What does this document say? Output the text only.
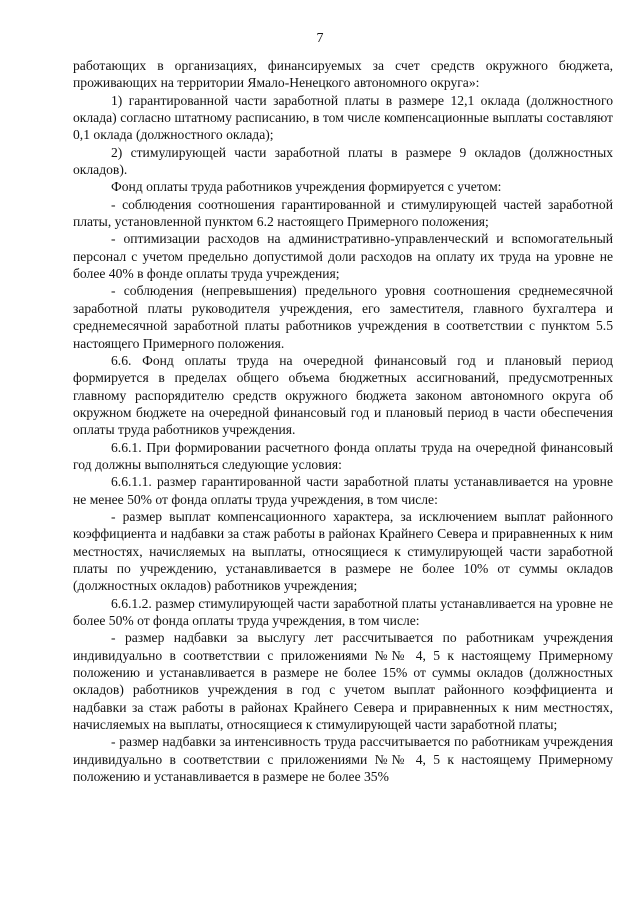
7

работающих в организациях, финансируемых за счет средств окружного бюджета, проживающих на территории Ямало-Ненецкого автономного округа»:

1) гарантированной части заработной платы в размере 12,1 оклада (должностного оклада) согласно штатному расписанию, в том числе компенсационные выплаты составляют 0,1 оклада (должностного оклада);

2) стимулирующей части заработной платы в размере 9 окладов (должностных окладов).

Фонд оплаты труда работников учреждения формируется с учетом:

- соблюдения соотношения гарантированной и стимулирующей частей заработной платы, установленной пунктом 6.2 настоящего Примерного положения;

- оптимизации расходов на административно-управленческий и вспомогательный персонал с учетом предельно допустимой доли расходов на оплату их труда на уровне не более 40% в фонде оплаты труда учреждения;

- соблюдения (непревышения) предельного уровня соотношения среднемесячной заработной платы руководителя учреждения, его заместителя, главного бухгалтера и среднемесячной заработной платы работников учреждения в соответствии с пунктом 5.5 настоящего Примерного положения.

6.6. Фонд оплаты труда на очередной финансовый год и плановый период формируется в пределах общего объема бюджетных ассигнований, предусмотренных главному распорядителю средств окружного бюджета законом автономного округа об окружном бюджете на очередной финансовый год и плановый период в части обеспечения оплаты труда работников учреждения.

6.6.1. При формировании расчетного фонда оплаты труда на очередной финансовый год должны выполняться следующие условия:

6.6.1.1. размер гарантированной части заработной платы устанавливается на уровне не менее 50% от фонда оплаты труда учреждения, в том числе:

- размер выплат компенсационного характера, за исключением выплат районного коэффициента и надбавки за стаж работы в районах Крайнего Севера и приравненных к ним местностях, начисляемых на выплаты, относящиеся к стимулирующей части заработной платы по учреждению, устанавливается в размере не более 10% от суммы окладов (должностных окладов) работников учреждения;

6.6.1.2. размер стимулирующей части заработной платы устанавливается на уровне не более 50% от фонда оплаты труда учреждения, в том числе:

- размер надбавки за выслугу лет рассчитывается по работникам учреждения индивидуально в соответствии с приложениями №№ 4, 5 к настоящему Примерному положению и устанавливается в размере не более 15% от суммы окладов (должностных окладов) работников учреждения в год с учетом выплат районного коэффициента и надбавки за стаж работы в районах Крайнего Севера и приравненных к ним местностях, начисляемых на выплаты, относящиеся к стимулирующей части заработной платы;

- размер надбавки за интенсивность труда рассчитывается по работникам учреждения индивидуально в соответствии с приложениями №№ 4, 5 к настоящему Примерному положению и устанавливается в размере не более 35%
